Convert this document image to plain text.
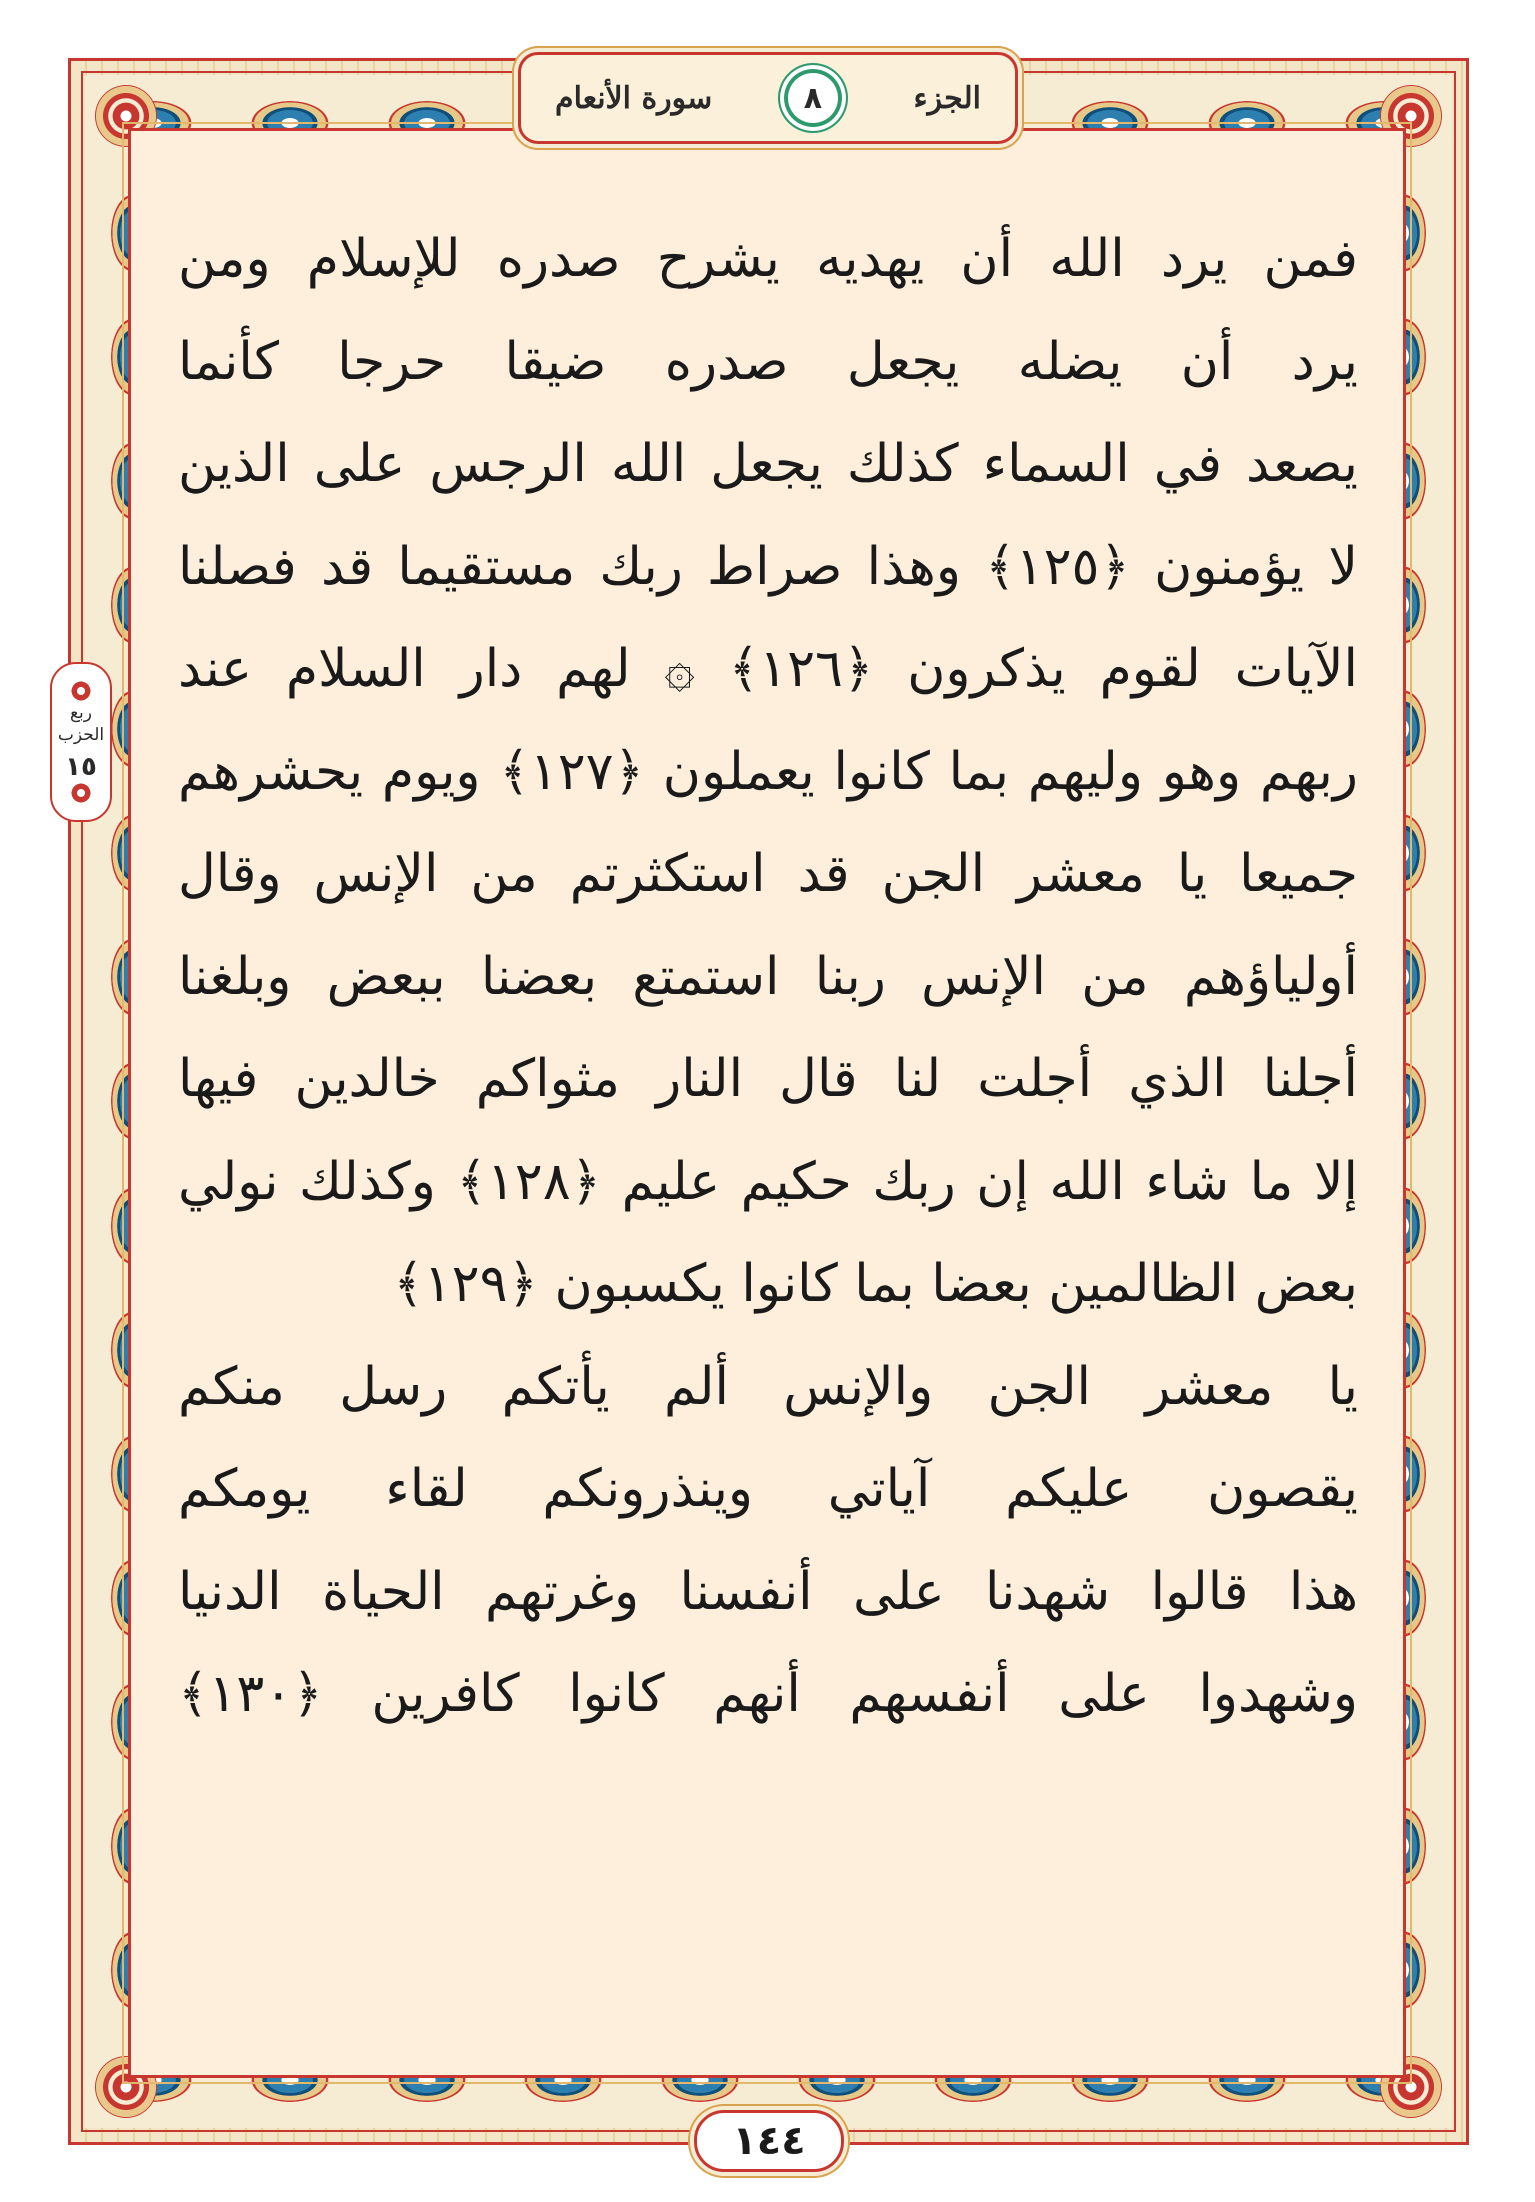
الجزء
٨
سورة الأنعام
فمن يرد الله أن يهديه يشرح صدره للإسلام ومن
يرد أن يضله يجعل صدره ضيقا حرجا كأنما
يصعد في السماء كذلك يجعل الله الرجس على الذين
لا يؤمنون ﴿١٢٥﴾ وهذا صراط ربك مستقيما قد فصلنا
الآيات لقوم يذكرون ﴿١٢٦﴾ ۞ لهم دار السلام عند
ربهم وهو وليهم بما كانوا يعملون ﴿١٢٧﴾ ويوم يحشرهم
جميعا يا معشر الجن قد استكثرتم من الإنس وقال
أولياؤهم من الإنس ربنا استمتع بعضنا ببعض وبلغنا
أجلنا الذي أجلت لنا قال النار مثواكم خالدين فيها
إلا ما شاء الله إن ربك حكيم عليم ﴿١٢٨﴾ وكذلك نولي
بعض الظالمين بعضا بما كانوا يكسبون ﴿١٢٩﴾
يا معشر الجن والإنس ألم يأتكم رسل منكم
يقصون عليكم آياتي وينذرونكم لقاء يومكم
هذا قالوا شهدنا على أنفسنا وغرتهم الحياة الدنيا
وشهدوا على أنفسهم أنهم كانوا كافرين ﴿١٣٠﴾
ربع
الحزب
١٥
١٤٤
